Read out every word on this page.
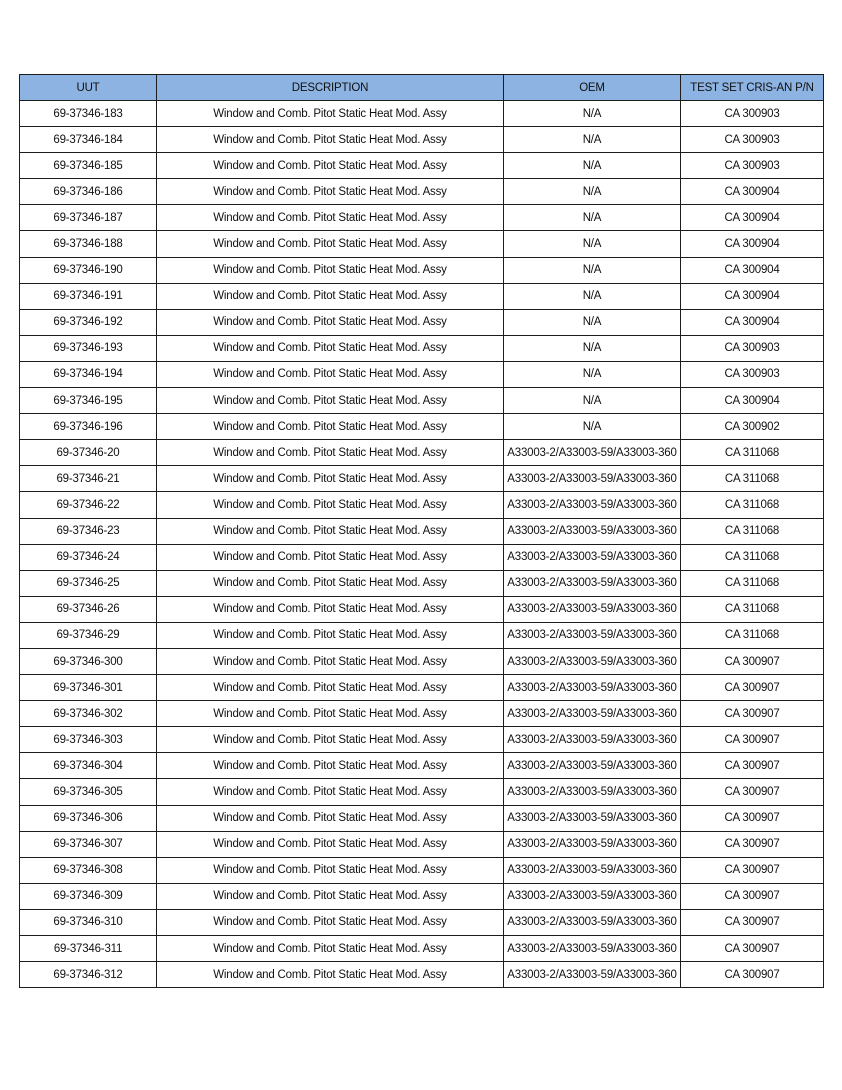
UUT	DESCRIPTION	OEM	TEST SET CRIS-AN P/N
69-37346-183	Window and Comb. Pitot Static Heat Mod. Assy	N/A	CA 300903
69-37346-184	Window and Comb. Pitot Static Heat Mod. Assy	N/A	CA 300903
69-37346-185	Window and Comb. Pitot Static Heat Mod. Assy	N/A	CA 300903
69-37346-186	Window and Comb. Pitot Static Heat Mod. Assy	N/A	CA 300904
69-37346-187	Window and Comb. Pitot Static Heat Mod. Assy	N/A	CA 300904
69-37346-188	Window and Comb. Pitot Static Heat Mod. Assy	N/A	CA 300904
69-37346-190	Window and Comb. Pitot Static Heat Mod. Assy	N/A	CA 300904
69-37346-191	Window and Comb. Pitot Static Heat Mod. Assy	N/A	CA 300904
69-37346-192	Window and Comb. Pitot Static Heat Mod. Assy	N/A	CA 300904
69-37346-193	Window and Comb. Pitot Static Heat Mod. Assy	N/A	CA 300903
69-37346-194	Window and Comb. Pitot Static Heat Mod. Assy	N/A	CA 300903
69-37346-195	Window and Comb. Pitot Static Heat Mod. Assy	N/A	CA 300904
69-37346-196	Window and Comb. Pitot Static Heat Mod. Assy	N/A	CA 300902
69-37346-20	Window and Comb. Pitot Static Heat Mod. Assy	A33003-2/A33003-59/A33003-360	CA 311068
69-37346-21	Window and Comb. Pitot Static Heat Mod. Assy	A33003-2/A33003-59/A33003-360	CA 311068
69-37346-22	Window and Comb. Pitot Static Heat Mod. Assy	A33003-2/A33003-59/A33003-360	CA 311068
69-37346-23	Window and Comb. Pitot Static Heat Mod. Assy	A33003-2/A33003-59/A33003-360	CA 311068
69-37346-24	Window and Comb. Pitot Static Heat Mod. Assy	A33003-2/A33003-59/A33003-360	CA 311068
69-37346-25	Window and Comb. Pitot Static Heat Mod. Assy	A33003-2/A33003-59/A33003-360	CA 311068
69-37346-26	Window and Comb. Pitot Static Heat Mod. Assy	A33003-2/A33003-59/A33003-360	CA 311068
69-37346-29	Window and Comb. Pitot Static Heat Mod. Assy	A33003-2/A33003-59/A33003-360	CA 311068
69-37346-300	Window and Comb. Pitot Static Heat Mod. Assy	A33003-2/A33003-59/A33003-360	CA 300907
69-37346-301	Window and Comb. Pitot Static Heat Mod. Assy	A33003-2/A33003-59/A33003-360	CA 300907
69-37346-302	Window and Comb. Pitot Static Heat Mod. Assy	A33003-2/A33003-59/A33003-360	CA 300907
69-37346-303	Window and Comb. Pitot Static Heat Mod. Assy	A33003-2/A33003-59/A33003-360	CA 300907
69-37346-304	Window and Comb. Pitot Static Heat Mod. Assy	A33003-2/A33003-59/A33003-360	CA 300907
69-37346-305	Window and Comb. Pitot Static Heat Mod. Assy	A33003-2/A33003-59/A33003-360	CA 300907
69-37346-306	Window and Comb. Pitot Static Heat Mod. Assy	A33003-2/A33003-59/A33003-360	CA 300907
69-37346-307	Window and Comb. Pitot Static Heat Mod. Assy	A33003-2/A33003-59/A33003-360	CA 300907
69-37346-308	Window and Comb. Pitot Static Heat Mod. Assy	A33003-2/A33003-59/A33003-360	CA 300907
69-37346-309	Window and Comb. Pitot Static Heat Mod. Assy	A33003-2/A33003-59/A33003-360	CA 300907
69-37346-310	Window and Comb. Pitot Static Heat Mod. Assy	A33003-2/A33003-59/A33003-360	CA 300907
69-37346-311	Window and Comb. Pitot Static Heat Mod. Assy	A33003-2/A33003-59/A33003-360	CA 300907
69-37346-312	Window and Comb. Pitot Static Heat Mod. Assy	A33003-2/A33003-59/A33003-360	CA 300907
